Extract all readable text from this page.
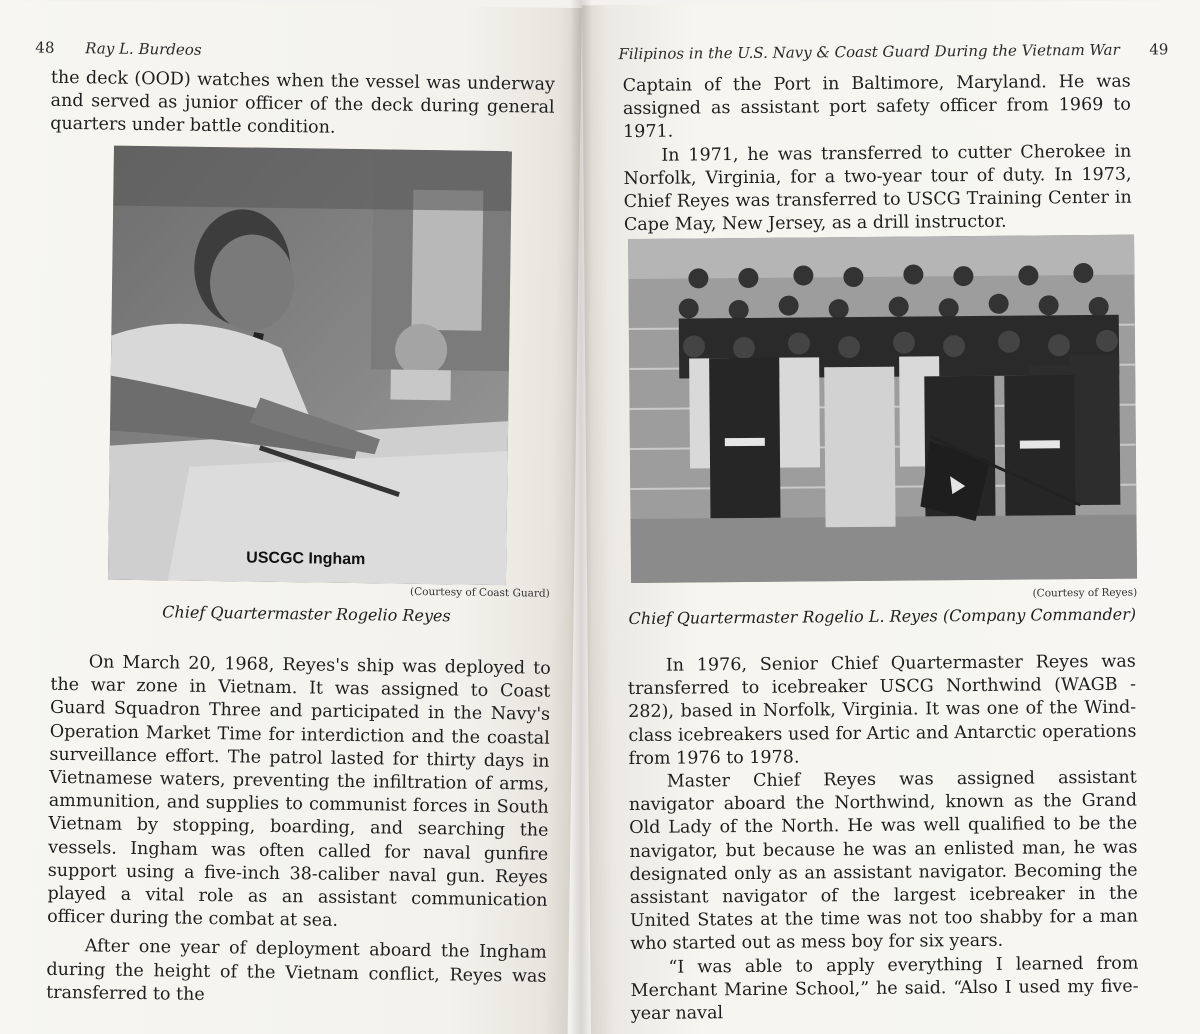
48 Ray L. Burdeos

the deck (OOD) watches when the vessel was underway and served as junior officer of the deck during general quarters under battle condition.

USCGC Ingham
(Courtesy of Coast Guard)
Chief Quartermaster Rogelio Reyes

On March 20, 1968, Reyes's ship was deployed to the war zone in Vietnam. It was assigned to Coast Guard Squadron Three and participated in the Navy's Operation Market Time for interdiction and the coastal surveillance effort. The patrol lasted for thirty days in Vietnamese waters, preventing the infiltration of arms, ammunition, and supplies to communist forces in South Vietnam by stopping, boarding, and searching the vessels. Ingham was often called for naval gunfire support using a five-inch 38-caliber naval gun. Reyes played a vital role as an assistant communication officer during the combat at sea.

After one year of deployment aboard the Ingham during the height of the Vietnam conflict, Reyes was transferred to the

Filipinos in the U.S. Navy & Coast Guard During the Vietnam War 49

Captain of the Port in Baltimore, Maryland. He was assigned as assistant port safety officer from 1969 to 1971.

In 1971, he was transferred to cutter Cherokee in Norfolk, Virginia, for a two-year tour of duty. In 1973, Chief Reyes was transferred to USCG Training Center in Cape May, New Jersey, as a drill instructor.

(Courtesy of Reyes)
Chief Quartermaster Rogelio L. Reyes (Company Commander)

In 1976, Senior Chief Quartermaster Reyes was transferred to icebreaker USCG Northwind (WAGB - 282), based in Norfolk, Virginia. It was one of the Wind-class icebreakers used for Artic and Antarctic operations from 1976 to 1978.

Master Chief Reyes was assigned assistant navigator aboard the Northwind, known as the Grand Old Lady of the North. He was well qualified to be the navigator, but because he was an enlisted man, he was designated only as an assistant navigator. Becoming the assistant navigator of the largest icebreaker in the United States at the time was not too shabby for a man who started out as mess boy for six years.

“I was able to apply everything I learned from Merchant Marine School,” he said. “Also I used my five-year naval
